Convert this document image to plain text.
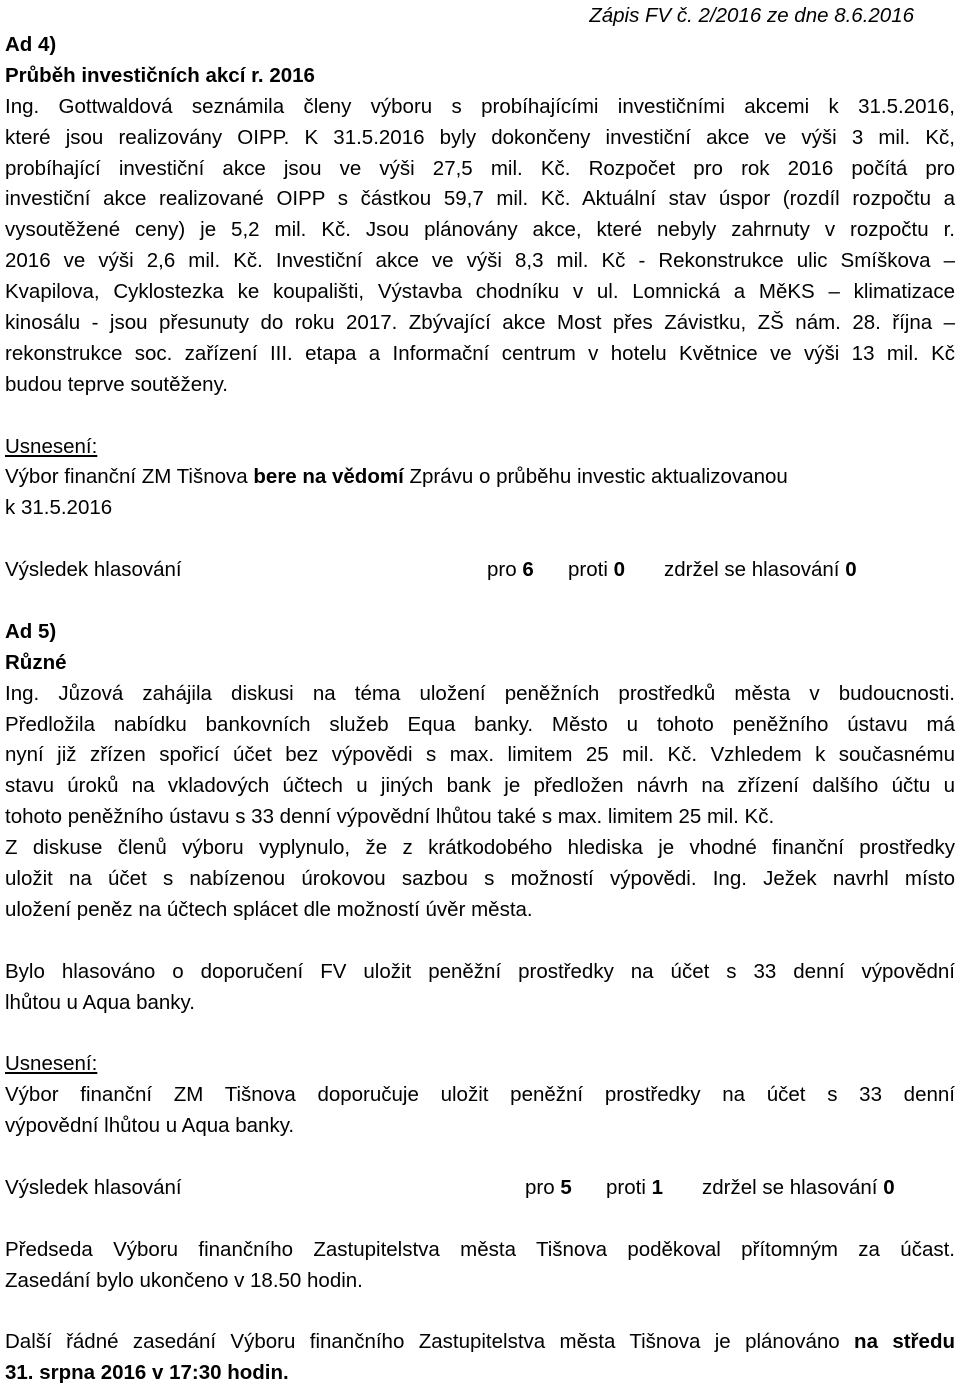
Zápis FV č. 2/2016 ze dne 8.6.2016
Ad 4)
Průběh investičních akcí r. 2016
Ing. Gottwaldová seznámila členy výboru s probíhajícími investičními akcemi k 31.5.2016,
které jsou realizovány OIPP. K 31.5.2016 byly dokončeny investiční akce ve výši 3 mil. Kč,
probíhající investiční akce jsou ve výši 27,5 mil. Kč. Rozpočet pro rok 2016 počítá pro
investiční akce realizované OIPP s částkou 59,7 mil. Kč. Aktuální stav úspor (rozdíl rozpočtu a
vysoutěžené ceny) je 5,2 mil. Kč. Jsou plánovány akce, které nebyly zahrnuty v rozpočtu r.
2016 ve výši 2,6 mil. Kč. Investiční akce ve výši 8,3 mil. Kč - Rekonstrukce ulic Smíškova –
Kvapilova, Cyklostezka ke koupališti, Výstavba chodníku v ul. Lomnická a MěKS – klimatizace
kinosálu - jsou přesunuty do roku 2017. Zbývající akce Most přes Závistku, ZŠ nám. 28. října –
rekonstrukce soc. zařízení III. etapa a Informační centrum v hotelu Květnice ve výši 13 mil. Kč
budou teprve soutěženy.
Usnesení:
Výbor finanční ZM Tišnova bere na vědomí Zprávu o průběhu investic aktualizovanou
k 31.5.2016
Výsledek hlasování	pro 6	proti 0	zdržel se hlasování 0
Ad 5)
Různé
Ing. Jůzová zahájila diskusi na téma uložení peněžních prostředků města v budoucnosti.
Předložila nabídku bankovních služeb Equa banky. Město u tohoto peněžního ústavu má
nyní již zřízen spořicí účet bez výpovědi s max. limitem 25 mil. Kč. Vzhledem k současnému
stavu úroků na vkladových účtech u jiných bank je předložen návrh na zřízení dalšího účtu u
tohoto peněžního ústavu s 33 denní výpovědní lhůtou také s max. limitem 25 mil. Kč.
Z diskuse členů výboru vyplynulo, že z krátkodobého hlediska je vhodné finanční prostředky
uložit na účet s nabízenou úrokovou sazbou s možností výpovědi. Ing. Ježek navrhl místo
uložení peněz na účtech splácet dle možností úvěr města.
Bylo hlasováno o doporučení FV uložit peněžní prostředky na účet s 33 denní výpovědní
lhůtou u Aqua banky.
Usnesení:
Výbor finanční ZM Tišnova doporučuje uložit peněžní prostředky na účet s 33 denní
výpovědní lhůtou u Aqua banky.
Výsledek hlasování	pro 5	proti 1	zdržel se hlasování 0
Předseda Výboru finančního Zastupitelstva města Tišnova poděkoval přítomným za účast.
Zasedání bylo ukončeno v 18.50 hodin.
Další řádné zasedání Výboru finančního Zastupitelstva města Tišnova je plánováno na středu
31. srpna 2016 v 17:30 hodin.
